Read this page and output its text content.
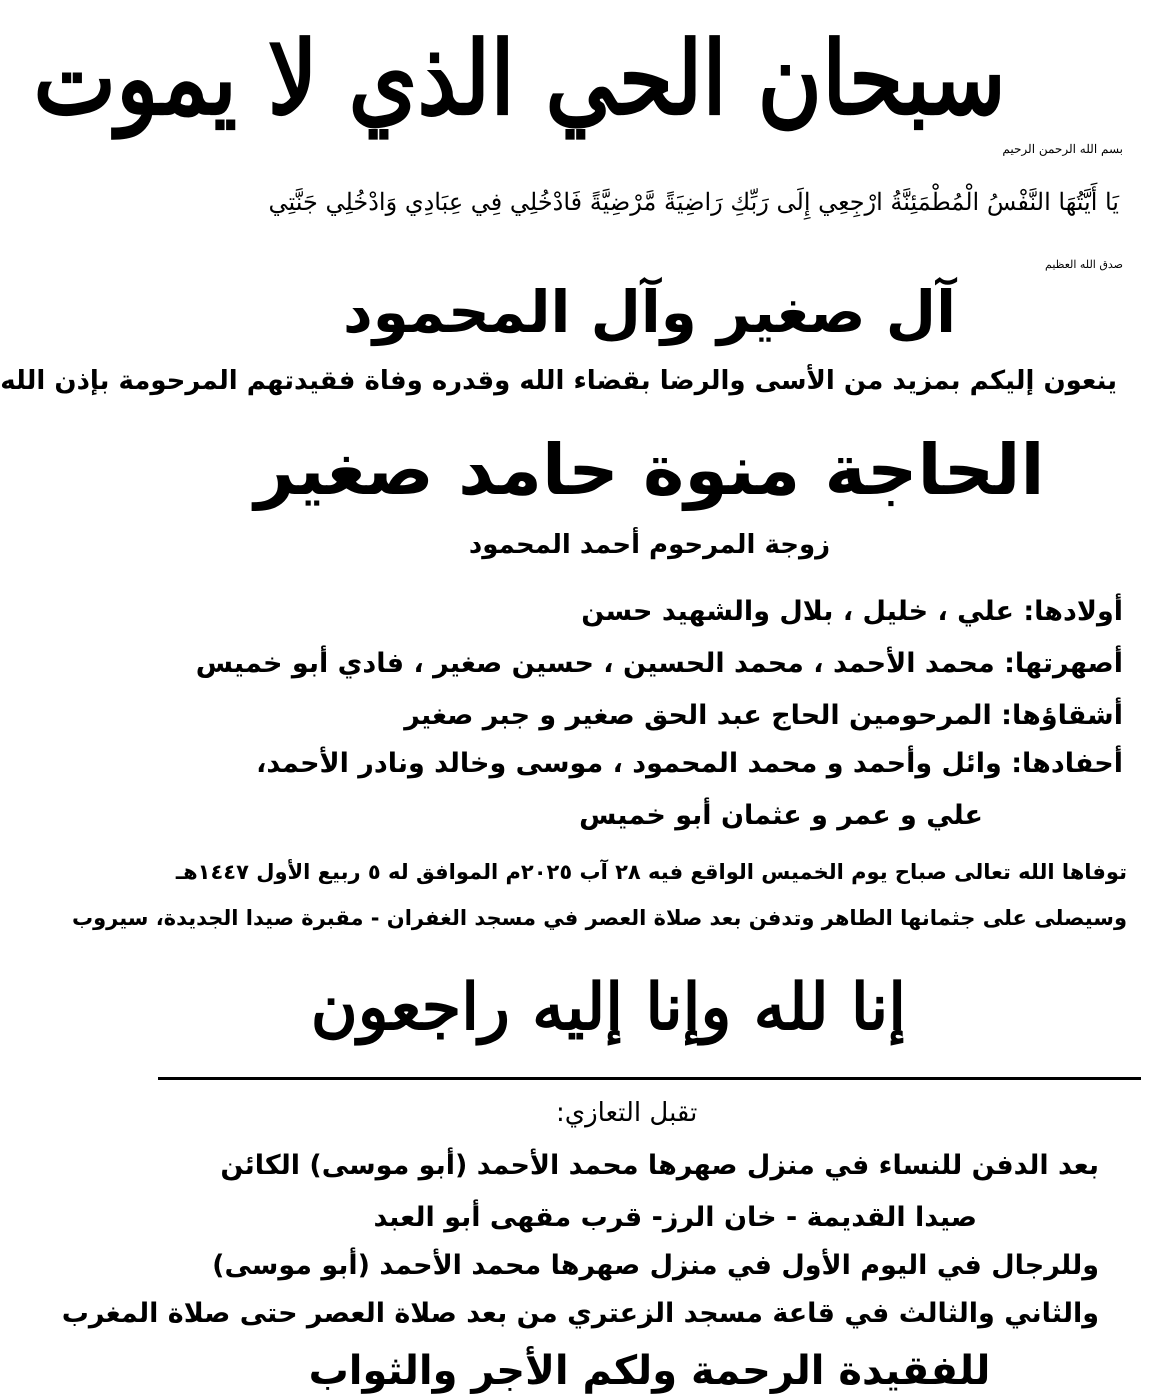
سبحان الحي الذي لا يموت
بسم الله الرحمن الرحيم
يَا أَيَّتُهَا النَّفْسُ الْمُطْمَئِنَّةُ ارْجِعِي إِلَى رَبِّكِ رَاضِيَةً مَّرْضِيَّةً فَادْخُلِي فِي عِبَادِي وَادْخُلِي جَنَّتِي
صدق الله العظيم
آل صغير وآل المحمود
ينعون إليكم بمزيد من الأسى والرضا بقضاء الله وقدره وفاة فقيدتهم المرحومة بإذن الله
الحاجة منوة حامد صغير
زوجة المرحوم أحمد المحمود
أولادها: علي ، خليل ، بلال والشهيد حسن
أصهرتها: محمد الأحمد ، محمد الحسين ، حسين صغير ، فادي أبو خميس
أشقاؤها: المرحومين الحاج عبد الحق صغير و جبر صغير
أحفادها: وائل وأحمد و محمد المحمود ، موسى وخالد ونادر الأحمد،
علي و عمر و عثمان أبو خميس
توفاها الله تعالى صباح يوم الخميس الواقع فيه ٢٨ آب ٢٠٢٥م الموافق له ٥ ربيع الأول ١٤٤٧هـ
وسيصلى على جثمانها الطاهر وتدفن بعد صلاة العصر في مسجد الغفران - مقبرة صيدا الجديدة، سيروب
إنا لله وإنا إليه راجعون
تقبل التعازي:
بعد الدفن للنساء في منزل صهرها محمد الأحمد (أبو موسى) الكائن
صيدا القديمة - خان الرز- قرب مقهى أبو العبد
وللرجال في اليوم الأول في منزل صهرها محمد الأحمد (أبو موسى)
والثاني والثالث في قاعة مسجد الزعتري من بعد صلاة العصر حتى صلاة المغرب
للفقيدة الرحمة ولكم الأجر والثواب
